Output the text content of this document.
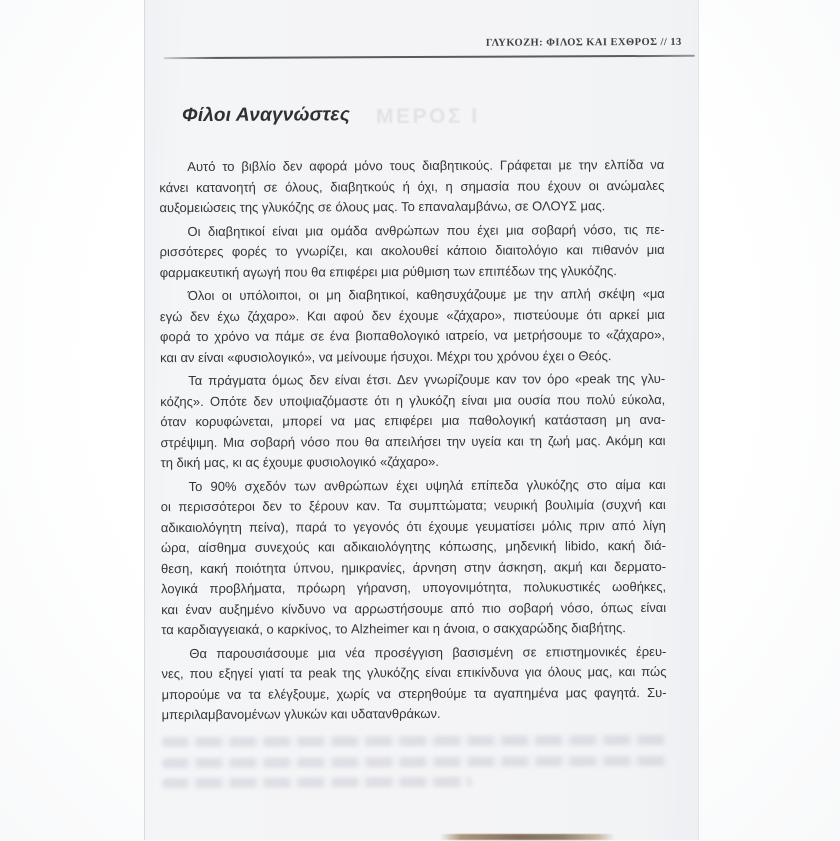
ΓΛΥΚΟΖΗ: ΦΙΛΟΣ ΚΑΙ ΕΧΘΡΟΣ // 13
ΜΕΡΟΣ Ι
Φίλοι Αναγνώστες
Αυτό το βιβλίο δεν αφορά μόνο τους διαβητικούς. Γράφεται με την ελπίδα να
κάνει κατανοητή σε όλους, διαβητκούς ή όχι, η σημασία που έχουν οι ανώμαλες
αυξομειώσεις της γλυκόζης σε όλους μας. Το επαναλαμβάνω, σε ΟΛΟΥΣ μας.
Οι διαβητικοί είναι μια ομάδα ανθρώπων που έχει μια σοβαρή νόσο, τις πε-
ρισσότερες φορές το γνωρίζει, και ακολουθεί κάποιο διαιτολόγιο και πιθανόν μια
φαρμακευτική αγωγή που θα επιφέρει μια ρύθμιση των επιπέδων της γλυκόζης.
Όλοι οι υπόλοιποι, οι μη διαβητικοί, καθησυχάζουμε με την απλή σκέψη «μα
εγώ δεν έχω ζάχαρο». Και αφού δεν έχουμε «ζάχαρο», πιστεύουμε ότι αρκεί μια
φορά το χρόνο να πάμε σε ένα βιοπαθολογικό ιατρείο, να μετρήσουμε το «ζάχαρο»,
και αν είναι «φυσιολογικό», να μείνουμε ήσυχοι. Μέχρι του χρόνου έχει ο Θεός.
Τα πράγματα όμως δεν είναι έτσι. Δεν γνωρίζουμε καν τον όρο «peak της γλυ-
κόζης». Οπότε δεν υποψιαζόμαστε ότι η γλυκόζη είναι μια ουσία που πολύ εύκολα,
όταν κορυφώνεται, μπορεί να μας επιφέρει μια παθολογική κατάσταση μη ανα-
στρέψιμη. Μια σοβαρή νόσο που θα απειλήσει την υγεία και τη ζωή μας. Ακόμη και
τη δική μας, κι ας έχουμε φυσιολογικό «ζάχαρο».
Το 90% σχεδόν των ανθρώπων έχει υψηλά επίπεδα γλυκόζης στο αίμα και
οι περισσότεροι δεν το ξέρουν καν. Τα συμπτώματα; νευρική βουλιμία (συχνή και
αδικαιολόγητη πείνα), παρά το γεγονός ότι έχουμε γευματίσει μόλις πριν από λίγη
ώρα, αίσθημα συνεχούς και αδικαιολόγητης κόπωσης, μηδενική libido, κακή διά-
θεση, κακή ποιότητα ύπνου, ημικρανίες, άρνηση στην άσκηση, ακμή και δερματο-
λογικά προβλήματα, πρόωρη γήρανση, υπογονιμότητα, πολυκυστικές ωοθήκες,
και έναν αυξημένο κίνδυνο να αρρωστήσουμε από πιο σοβαρή νόσο, όπως είναι
τα καρδιαγγειακά, ο καρκίνος, το Alzheimer και η άνοια, ο σακχαρώδης διαβήτης.
Θα παρουσιάσουμε μια νέα προσέγγιση βασισμένη σε επιστημονικές έρευ-
νες, που εξηγεί γιατί τα peak της γλυκόζης είναι επικίνδυνα για όλους μας, και πώς
μπορούμε να τα ελέγξουμε, χωρίς να στερηθούμε τα αγαπημένα μας φαγητά. Συ-
μπεριλαμβανομένων γλυκών και υδατανθράκων.
